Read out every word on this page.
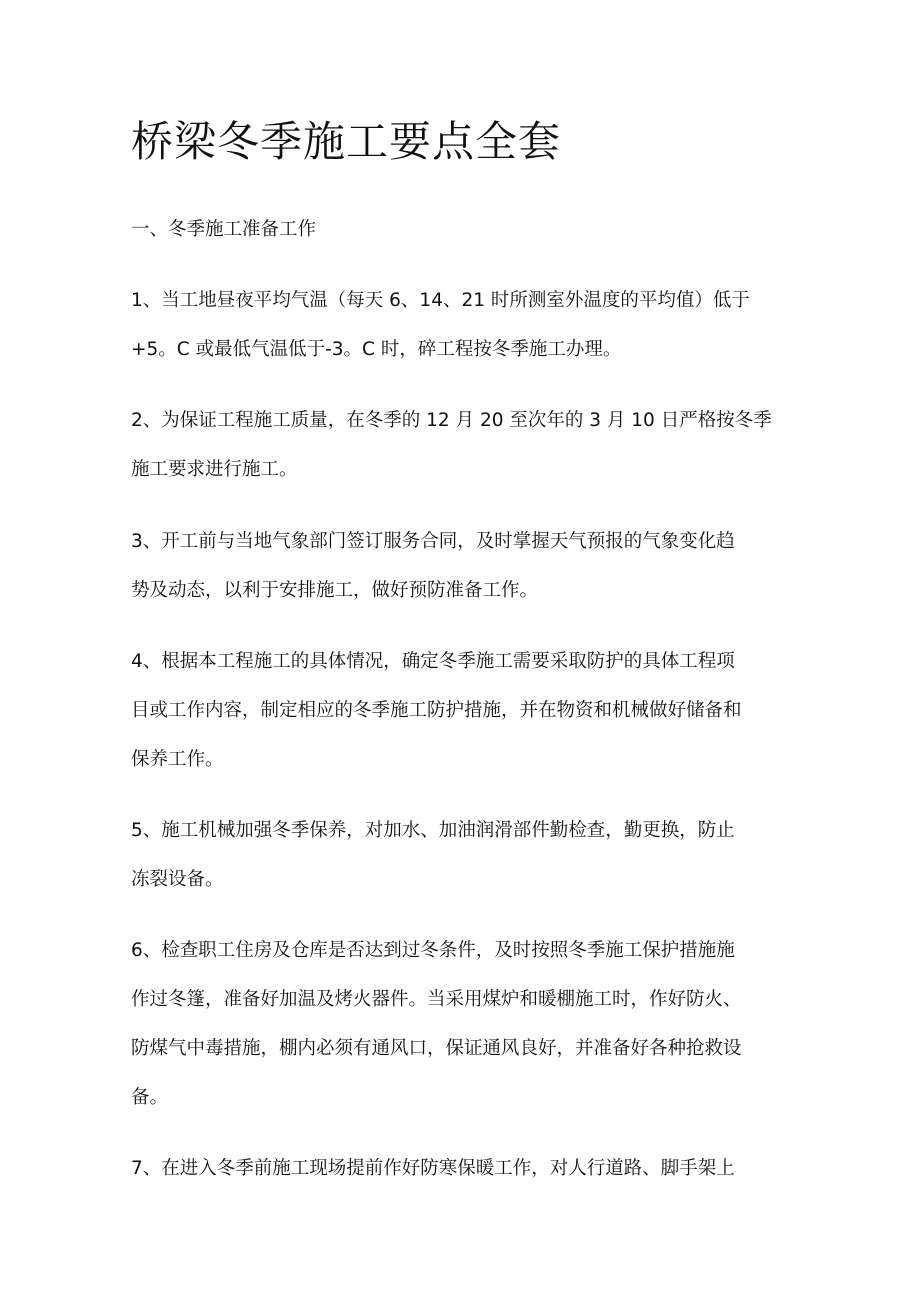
桥梁冬季施工要点全套

一、冬季施工准备工作

1、当工地昼夜平均气温（每天 6、14、21 时所测室外温度的平均值）低于
+5。C 或最低气温低于-3。C 时，碎工程按冬季施工办理。
2、为保证工程施工质量，在冬季的 12 月 20 至次年的 3 月 10 日严格按冬季
施工要求进行施工。
3、开工前与当地气象部门签订服务合同，及时掌握天气预报的气象变化趋
势及动态，以利于安排施工，做好预防准备工作。
4、根据本工程施工的具体情况，确定冬季施工需要采取防护的具体工程项
目或工作内容，制定相应的冬季施工防护措施，并在物资和机械做好储备和
保养工作。
5、施工机械加强冬季保养，对加水、加油润滑部件勤检查，勤更换，防止
冻裂设备。
6、检查职工住房及仓库是否达到过冬条件，及时按照冬季施工保护措施施
作过冬篷，准备好加温及烤火器件。当采用煤炉和暖棚施工时，作好防火、
防煤气中毒措施，棚内必须有通风口，保证通风良好，并准备好各种抢救设
备。
7、在进入冬季前施工现场提前作好防寒保暖工作，对人行道路、脚手架上
